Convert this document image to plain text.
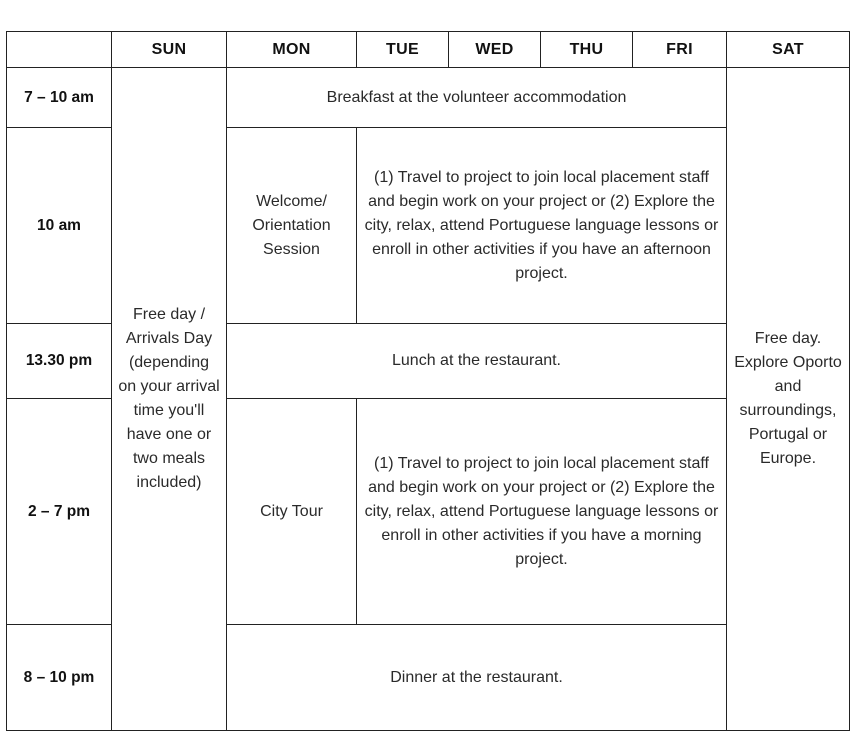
	SUN	MON	TUE	WED	THU	FRI	SAT
7 – 10 am	Free day / Arrivals Day (depending on your arrival time you'll have one or two meals included)	Breakfast at the volunteer accommodation					Free day. Explore Oporto and surroundings, Portugal or Europe.
10 am		Welcome/ Orientation Session	(1) Travel to project to join local placement staff and begin work on your project or (2) Explore the city, relax, attend Portuguese language lessons or enroll in other activities if you have an afternoon project.				
13.30 pm		Lunch at the restaurant.					
2 – 7 pm		City Tour	(1) Travel to project to join local placement staff and begin work on your project or (2) Explore the city, relax, attend Portuguese language lessons or enroll in other activities if you have a morning project.				
8 – 10 pm		Dinner at the restaurant.					
